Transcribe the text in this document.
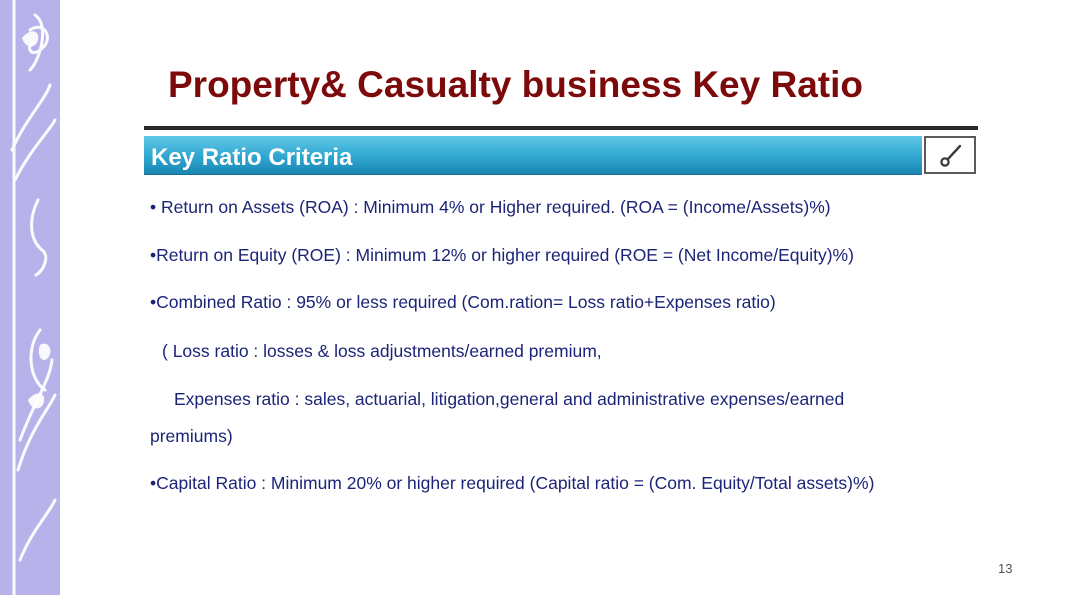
Property& Casualty business Key Ratio
Key Ratio Criteria
• Return on Assets (ROA) : Minimum 4% or Higher required. (ROA = (Income/Assets)%)
•Return on Equity (ROE) : Minimum 12% or higher required (ROE = (Net Income/Equity)%)
•Combined Ratio : 95% or less required (Com.ration= Loss ratio+Expenses ratio)
( Loss ratio : losses & loss adjustments/earned premium,
Expenses ratio : sales, actuarial, litigation,general and administrative expenses/earned
premiums)
•Capital Ratio : Minimum 20% or higher required (Capital ratio = (Com. Equity/Total assets)%)
13
